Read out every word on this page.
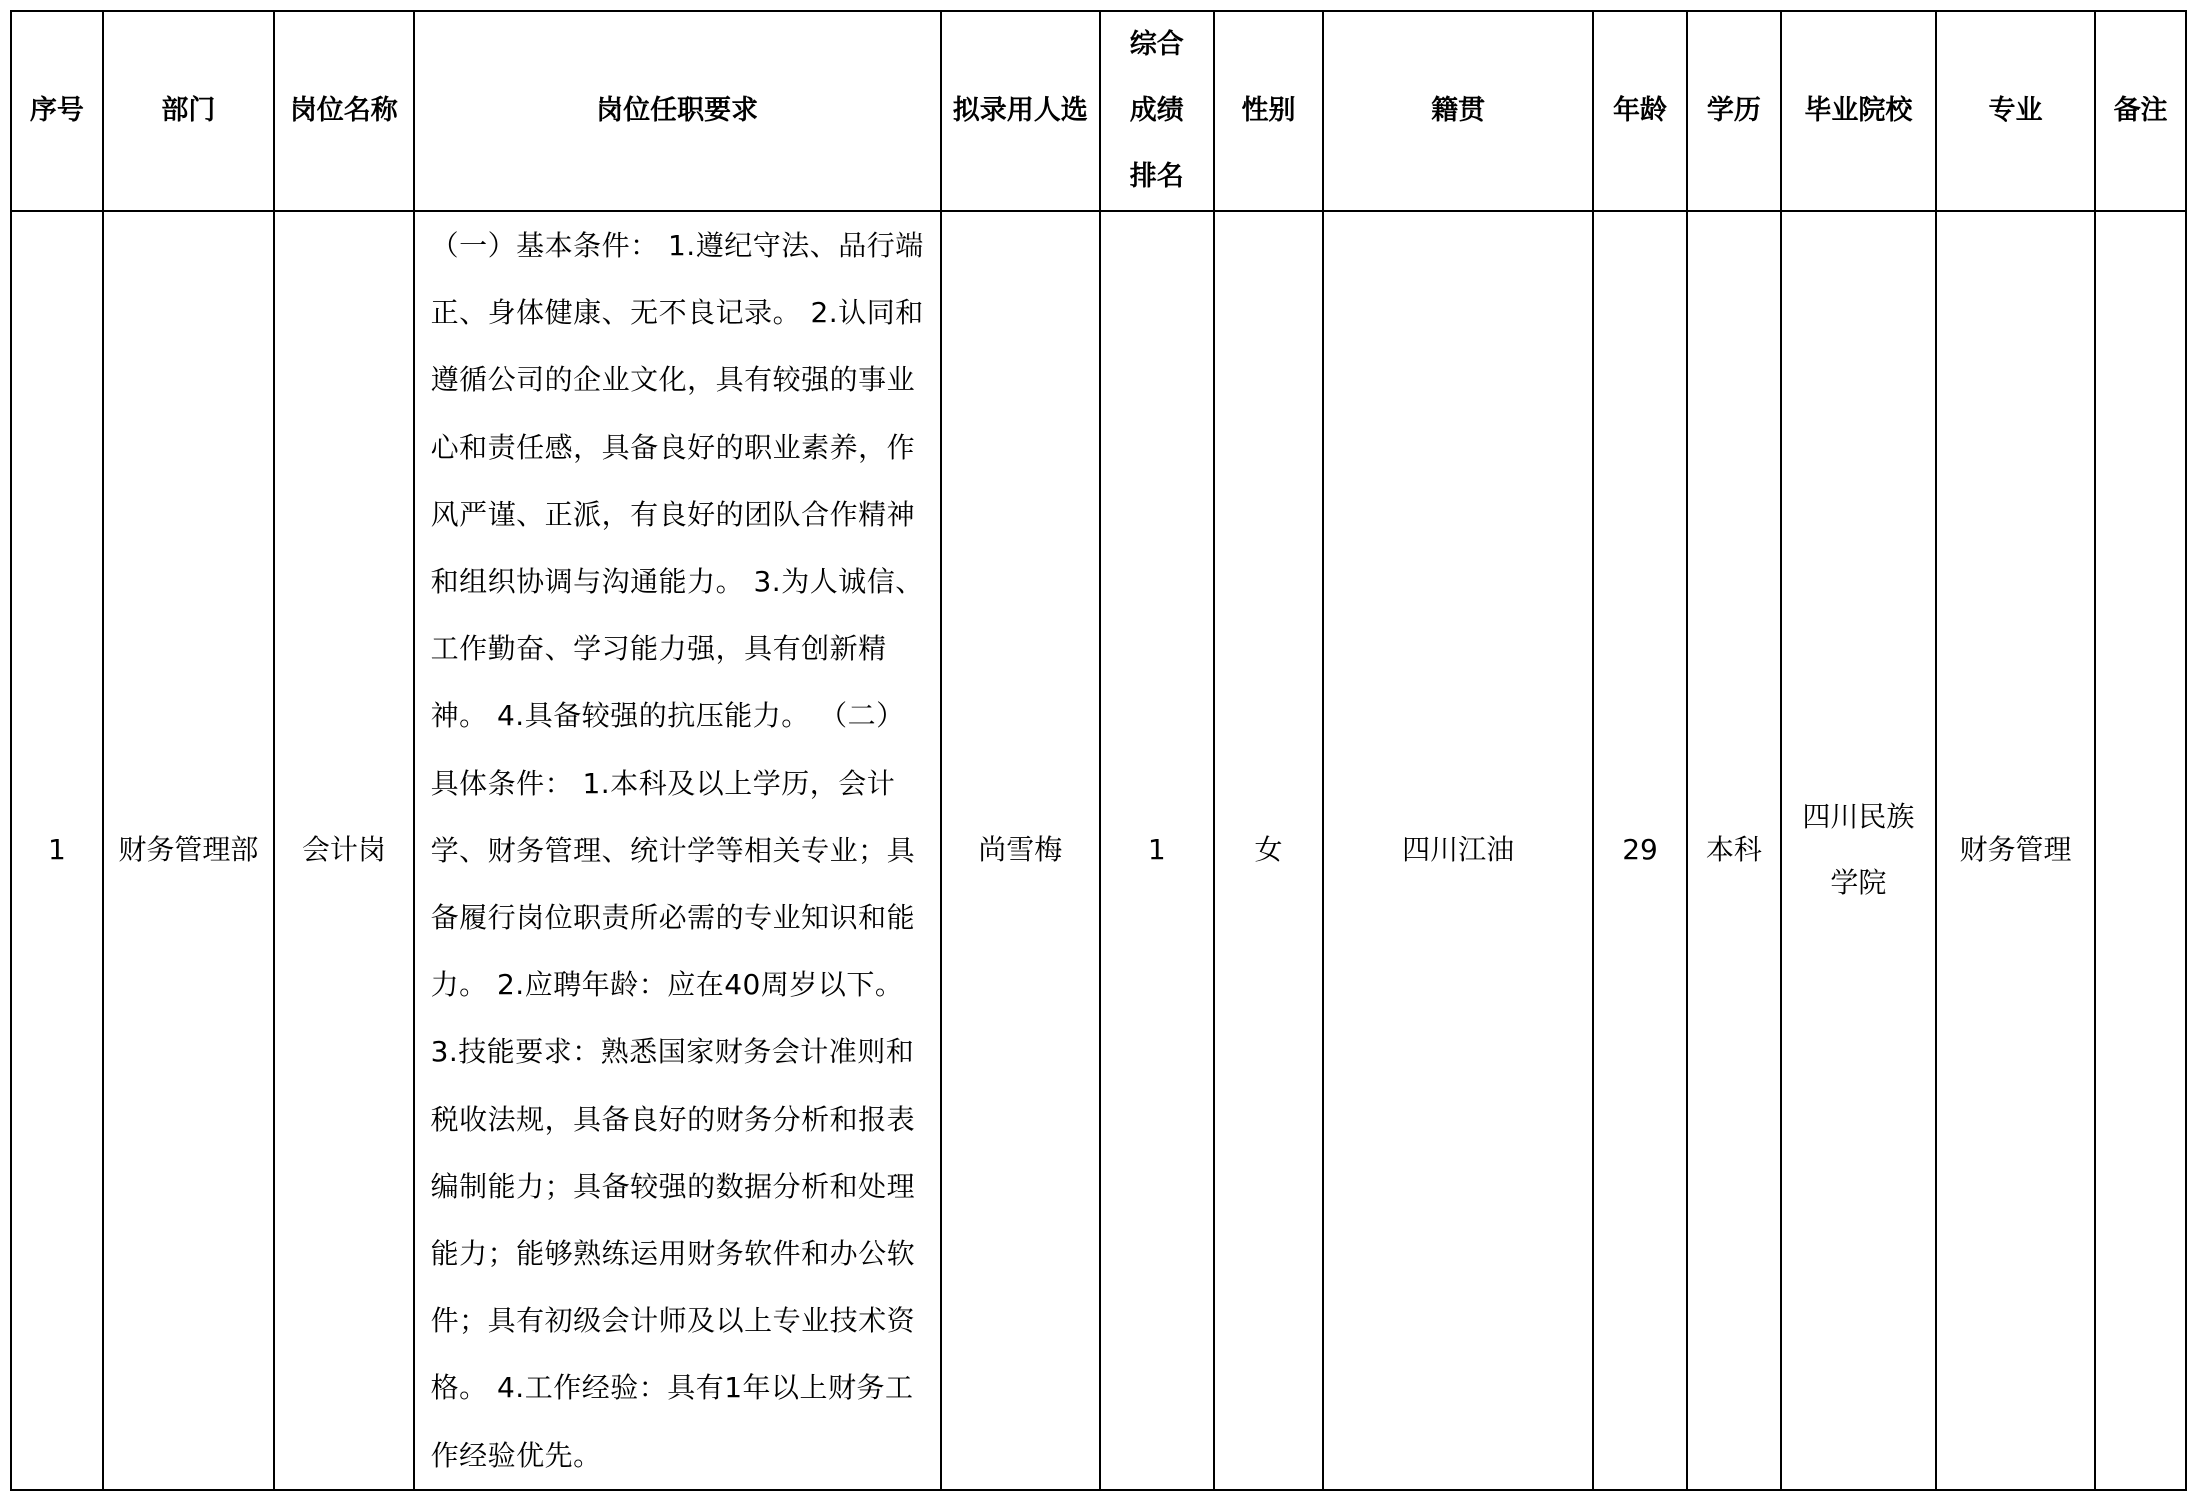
序号	部门	岗位名称	岗位任职要求	拟录用人选	综合成绩排名	性别	籍贯	年龄	学历	毕业院校	专业	备注
1	财务管理部	会计岗	（一）基本条件： 1.遵纪守法、品行端正、身体健康、无不良记录。 2.认同和遵循公司的企业文化，具有较强的事业心和责任感，具备良好的职业素养，作风严谨、正派，有良好的团队合作精神和组织协调与沟通能力。 3.为人诚信、工作勤奋、学习能力强，具有创新精神。 4.具备较强的抗压能力。 （二）具体条件： 1.本科及以上学历，会计学、财务管理、统计学等相关专业；具备履行岗位职责所必需的专业知识和能力。 2.应聘年龄：应在40周岁以下。 3.技能要求：熟悉国家财务会计准则和税收法规，具备良好的财务分析和报表编制能力；具备较强的数据分析和处理能力；能够熟练运用财务软件和办公软件；具有初级会计师及以上专业技术资格。 4.工作经验：具有1年以上财务工作经验优先。	尚雪梅	1	女	四川江油	29	本科	四川民族学院	财务管理	
